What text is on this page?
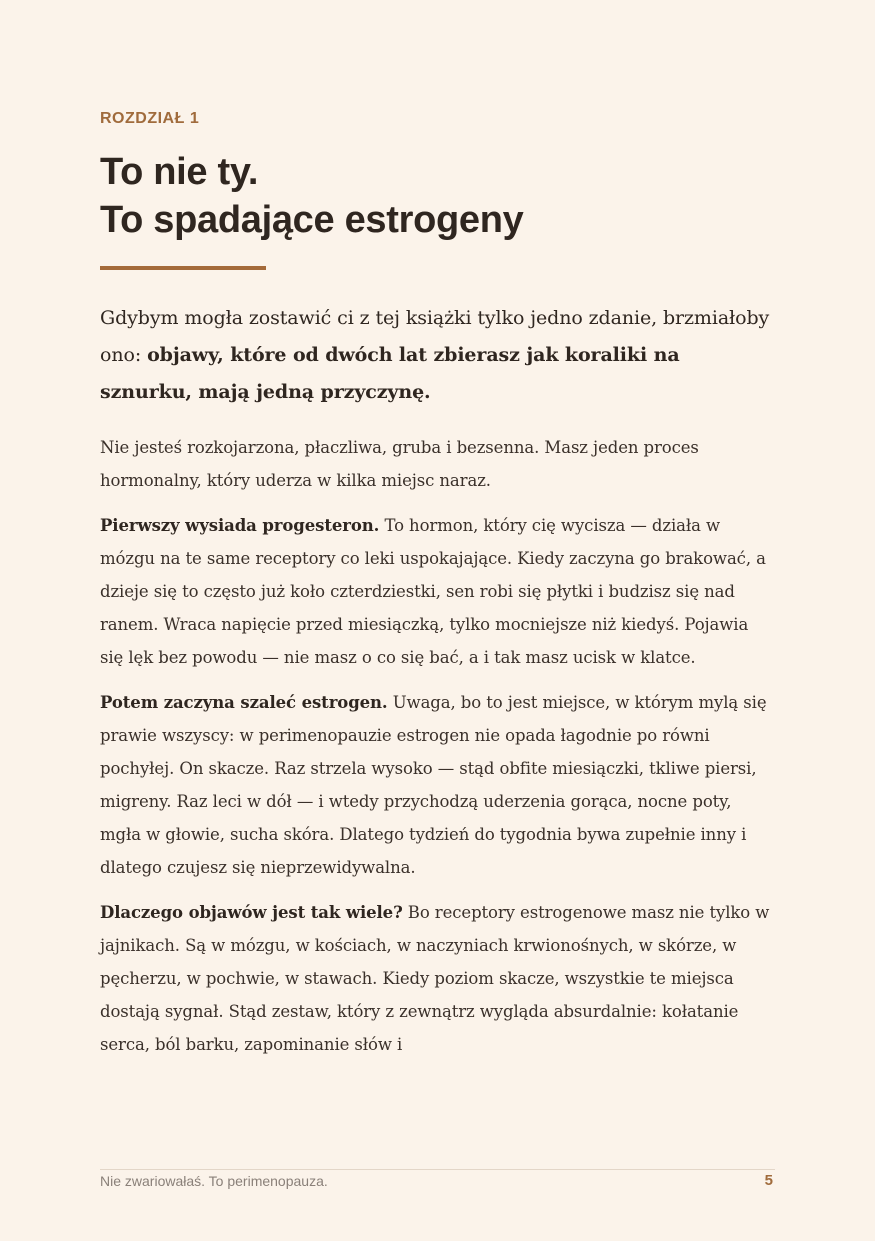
ROZDZIAŁ 1
To nie ty.
To spadające estrogeny

Gdybym mogła zostawić ci z tej książki tylko jedno zdanie, brzmiałoby ono: objawy, które od dwóch lat zbierasz jak koraliki na sznurku, mają jedną przyczynę.

Nie jesteś rozkojarzona, płaczliwa, gruba i bezsenna. Masz jeden proces hormonalny, który uderza w kilka miejsc naraz.

Pierwszy wysiada progesteron. To hormon, który cię wycisza — działa w mózgu na te same receptory co leki uspokajające. Kiedy zaczyna go brakować, a dzieje się to często już koło czterdziestki, sen robi się płytki i budzisz się nad ranem. Wraca napięcie przed miesiączką, tylko mocniejsze niż kiedyś. Pojawia się lęk bez powodu — nie masz o co się bać, a i tak masz ucisk w klatce.

Potem zaczyna szaleć estrogen. Uwaga, bo to jest miejsce, w którym mylą się prawie wszyscy: w perimenopauzie estrogen nie opada łagodnie po równi pochyłej. On skacze. Raz strzela wysoko — stąd obfite miesiączki, tkliwe piersi, migreny. Raz leci w dół — i wtedy przychodzą uderzenia gorąca, nocne poty, mgła w głowie, sucha skóra. Dlatego tydzień do tygodnia bywa zupełnie inny i dlatego czujesz się nieprzewidywalna.

Dlaczego objawów jest tak wiele? Bo receptory estrogenowe masz nie tylko w jajnikach. Są w mózgu, w kościach, w naczyniach krwionośnych, w skórze, w pęcherzu, w pochwie, w stawach. Kiedy poziom skacze, wszystkie te miejsca dostają sygnał. Stąd zestaw, który z zewnątrz wygląda absurdalnie: kołatanie serca, ból barku, zapominanie słów i

Nie zwariowałaś. To perimenopauza.	5
